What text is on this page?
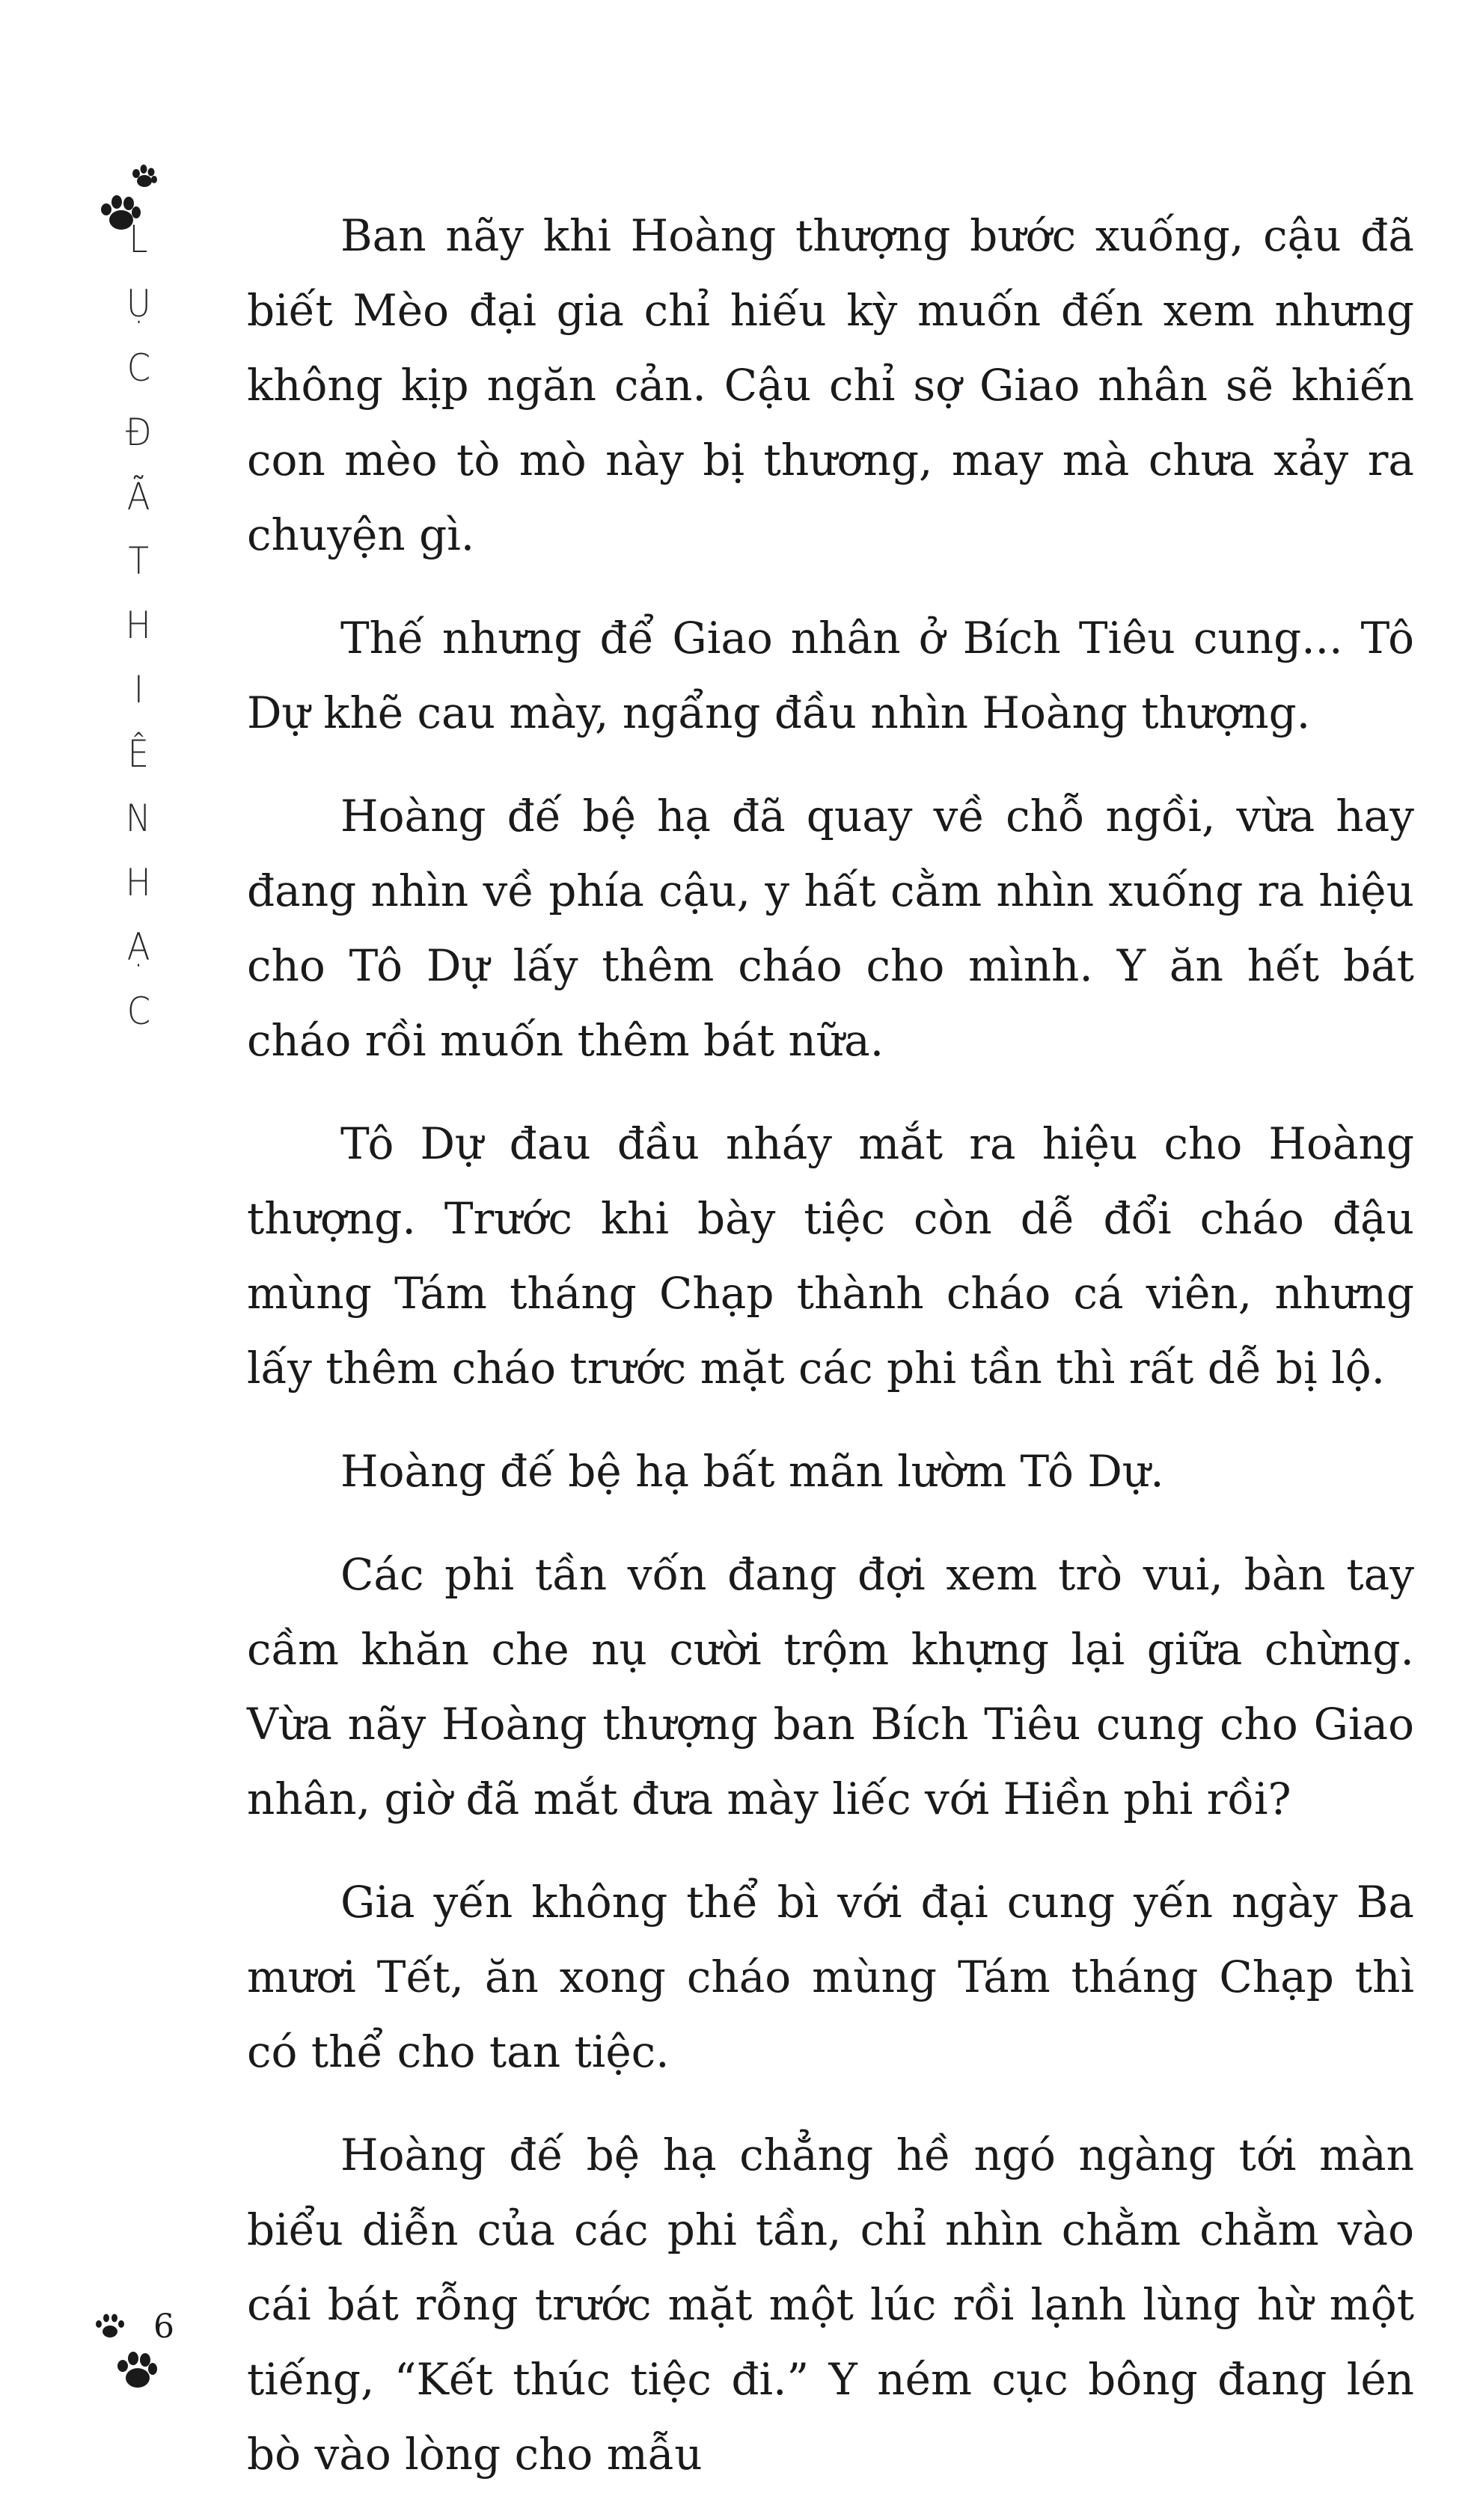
L
Ụ
C
Đ
Ã
T
H
I
Ê
N
H
Ạ
C

Ban nãy khi Hoàng thượng bước xuống, cậu đã biết Mèo đại gia chỉ hiếu kỳ muốn đến xem nhưng không kịp ngăn cản. Cậu chỉ sợ Giao nhân sẽ khiến con mèo tò mò này bị thương, may mà chưa xảy ra chuyện gì.

Thế nhưng để Giao nhân ở Bích Tiêu cung... Tô Dự khẽ cau mày, ngẩng đầu nhìn Hoàng thượng.

Hoàng đế bệ hạ đã quay về chỗ ngồi, vừa hay đang nhìn về phía cậu, y hất cằm nhìn xuống ra hiệu cho Tô Dự lấy thêm cháo cho mình. Y ăn hết bát cháo rồi muốn thêm bát nữa.

Tô Dự đau đầu nháy mắt ra hiệu cho Hoàng thượng. Trước khi bày tiệc còn dễ đổi cháo đậu mùng Tám tháng Chạp thành cháo cá viên, nhưng lấy thêm cháo trước mặt các phi tần thì rất dễ bị lộ.

Hoàng đế bệ hạ bất mãn lườm Tô Dự.

Các phi tần vốn đang đợi xem trò vui, bàn tay cầm khăn che nụ cười trộm khựng lại giữa chừng. Vừa nãy Hoàng thượng ban Bích Tiêu cung cho Giao nhân, giờ đã mắt đưa mày liếc với Hiền phi rồi?

Gia yến không thể bì với đại cung yến ngày Ba mươi Tết, ăn xong cháo mùng Tám tháng Chạp thì có thể cho tan tiệc.

Hoàng đế bệ hạ chẳng hề ngó ngàng tới màn biểu diễn của các phi tần, chỉ nhìn chằm chằm vào cái bát rỗng trước mặt một lúc rồi lạnh lùng hừ một tiếng, “Kết thúc tiệc đi.” Y ném cục bông đang lén bò vào lòng cho mẫu

6
